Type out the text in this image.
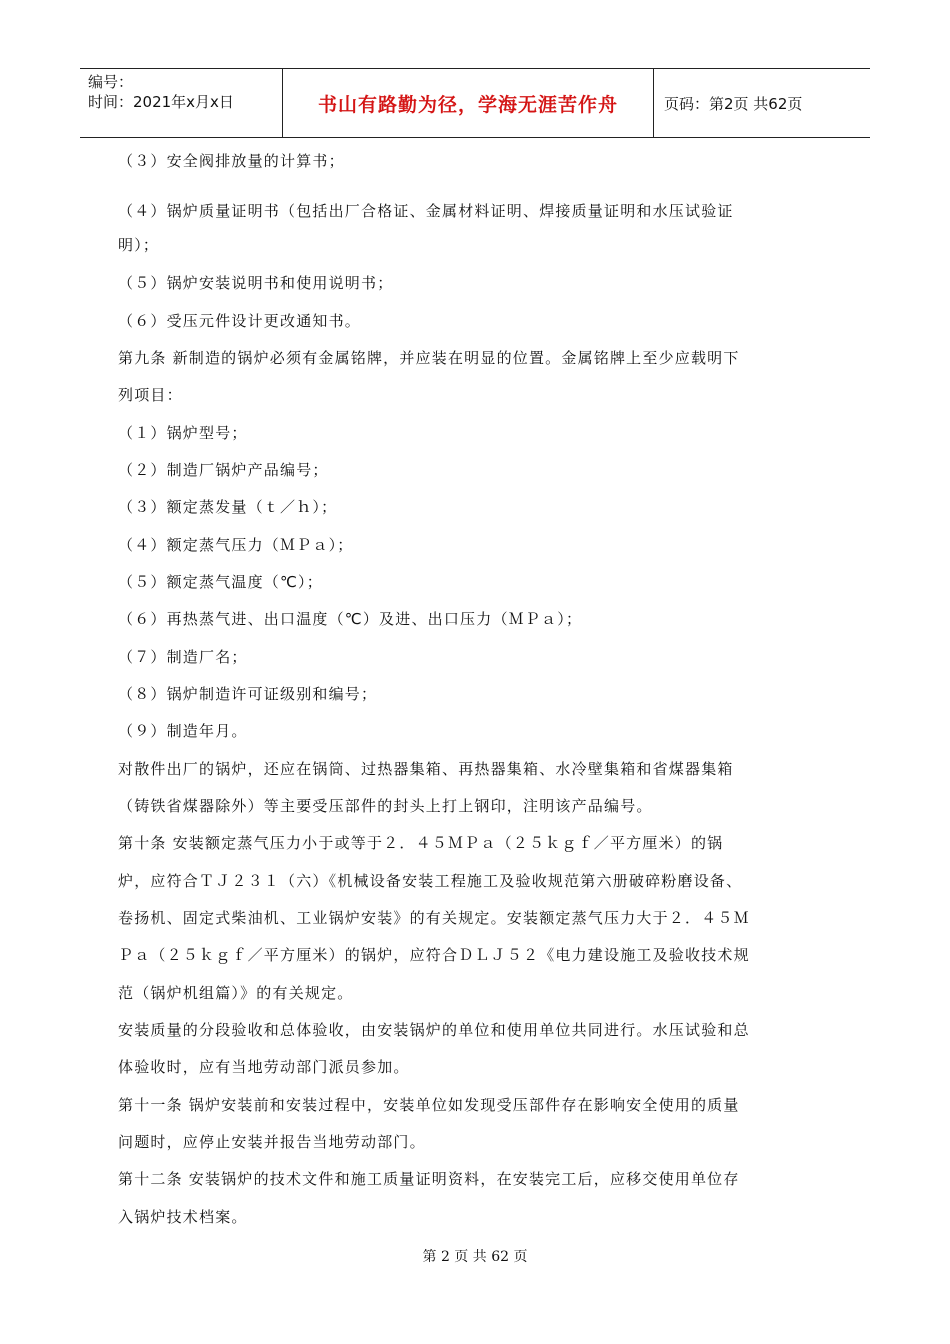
编号：
时间：2021年x月x日	书山有路勤为径，学海无涯苦作舟	页码：第2页 共62页
（３）安全阀排放量的计算书；
（４）锅炉质量证明书（包括出厂合格证、金属材料证明、焊接质量证明和水压试验证
明）；
（５）锅炉安装说明书和使用说明书；
（６）受压元件设计更改通知书。
第九条 新制造的锅炉必须有金属铭牌，并应装在明显的位置。金属铭牌上至少应载明下
列项目：
（１）锅炉型号；
（２）制造厂锅炉产品编号；
（３）额定蒸发量（ｔ／ｈ）；
（４）额定蒸气压力（ＭＰａ）；
（５）额定蒸气温度（℃）；
（６）再热蒸气进、出口温度（℃）及进、出口压力（ＭＰａ）；
（７）制造厂名；
（８）锅炉制造许可证级别和编号；
（９）制造年月。
对散件出厂的锅炉，还应在锅筒、过热器集箱、再热器集箱、水冷壁集箱和省煤器集箱
（铸铁省煤器除外）等主要受压部件的封头上打上钢印，注明该产品编号。
第十条 安装额定蒸气压力小于或等于２．４５ＭＰａ（２５ｋｇｆ／平方厘米）的锅
炉，应符合ＴＪ２３１（六）《机械设备安装工程施工及验收规范第六册破碎粉磨设备、
卷扬机、固定式柴油机、工业锅炉安装》的有关规定。安装额定蒸气压力大于２．４５Ｍ
Ｐａ（２５ｋｇｆ／平方厘米）的锅炉，应符合ＤＬＪ５２《电力建设施工及验收技术规
范（锅炉机组篇）》的有关规定。
安装质量的分段验收和总体验收，由安装锅炉的单位和使用单位共同进行。水压试验和总
体验收时，应有当地劳动部门派员参加。
第十一条 锅炉安装前和安装过程中，安装单位如发现受压部件存在影响安全使用的质量
问题时，应停止安装并报告当地劳动部门。
第十二条 安装锅炉的技术文件和施工质量证明资料，在安装完工后，应移交使用单位存
入锅炉技术档案。
第 2 页 共 62 页
